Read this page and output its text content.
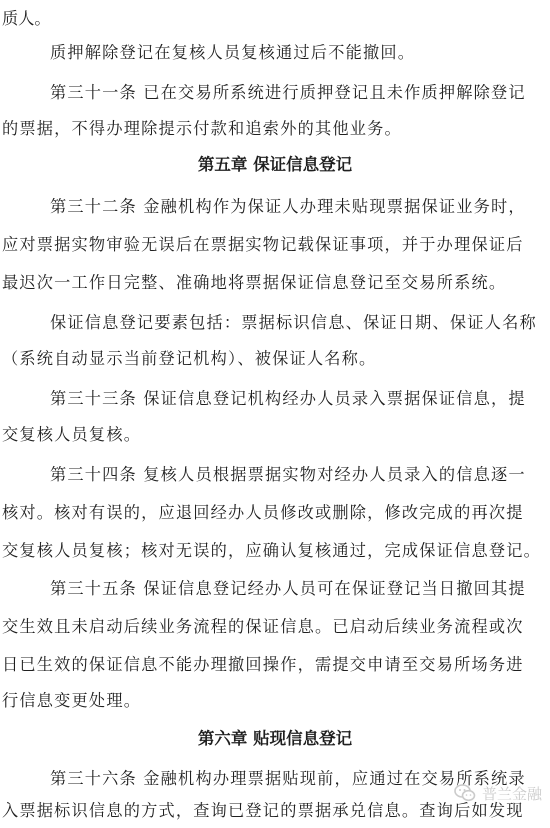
质人。
质押解除登记在复核人员复核通过后不能撤回。
第三十一条 已在交易所系统进行质押登记且未作质押解除登记
的票据，不得办理除提示付款和追索外的其他业务。
第五章 保证信息登记
第三十二条 金融机构作为保证人办理未贴现票据保证业务时，
应对票据实物审验无误后在票据实物记载保证事项，并于办理保证后
最迟次一工作日完整、准确地将票据保证信息登记至交易所系统。
保证信息登记要素包括：票据标识信息、保证日期、保证人名称
（系统自动显示当前登记机构）、被保证人名称。
第三十三条 保证信息登记机构经办人员录入票据保证信息，提
交复核人员复核。
第三十四条 复核人员根据票据实物对经办人员录入的信息逐一
核对。核对有误的，应退回经办人员修改或删除，修改完成的再次提
交复核人员复核；核对无误的，应确认复核通过，完成保证信息登记。
第三十五条 保证信息登记经办人员可在保证登记当日撤回其提
交生效且未启动后续业务流程的保证信息。已启动后续业务流程或次
日已生效的保证信息不能办理撤回操作，需提交申请至交易所场务进
行信息变更处理。
第六章 贴现信息登记
第三十六条 金融机构办理票据贴现前，应通过在交易所系统录
入票据标识信息的方式，查询已登记的票据承兑信息。查询后如发现
普兰金融
